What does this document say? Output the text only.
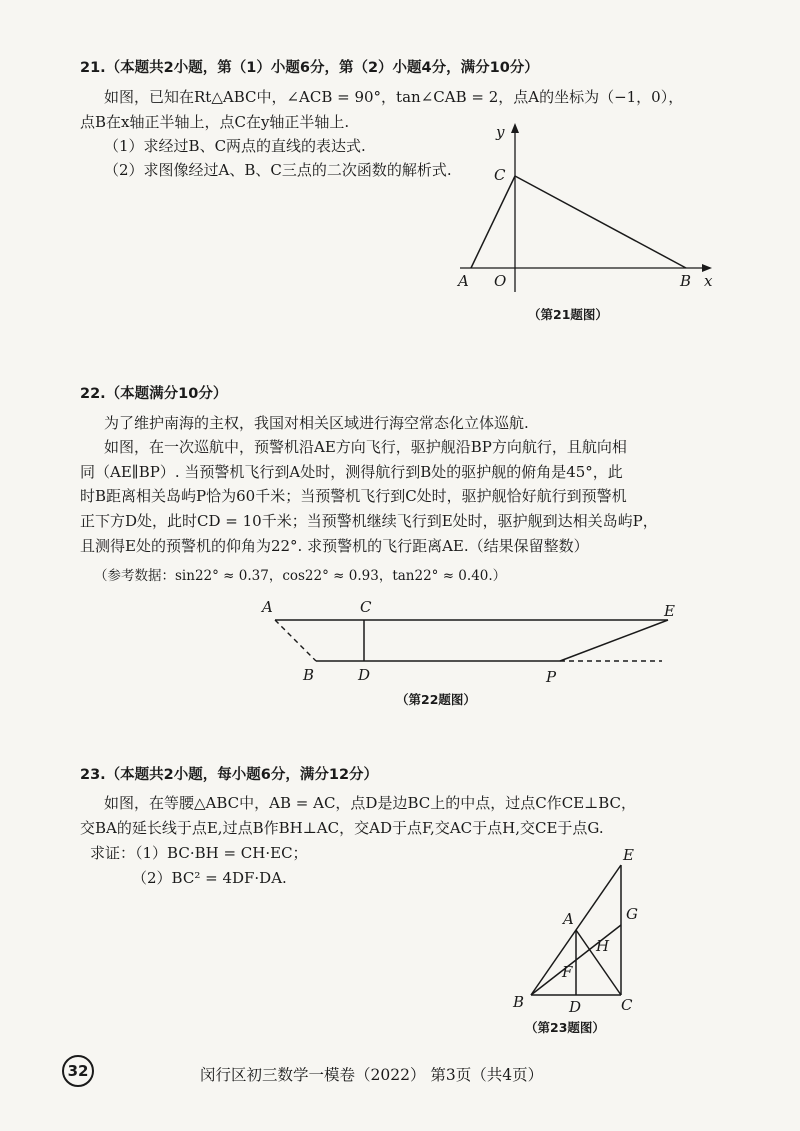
21.（本题共2小题，第（1）小题6分，第（2）小题4分，满分10分）
如图，已知在Rt△ABC中，∠ACB = 90°，tan∠CAB = 2，点A的坐标为（−1，0），
点B在x轴正半轴上，点C在y轴正半轴上.
（1）求经过B、C两点的直线的表达式.
（2）求图像经过A、B、C三点的二次函数的解析式.
y
C
A O	B x
（第21题图）
22.（本题满分10分）
为了维护南海的主权，我国对相关区域进行海空常态化立体巡航.
如图，在一次巡航中，预警机沿AE方向飞行，驱护舰沿BP方向航行，且航向相
同（AE∥BP）. 当预警机飞行到A处时，测得航行到B处的驱护舰的俯角是45°，此
时B距离相关岛屿P恰为60千米；当预警机飞行到C处时，驱护舰恰好航行到预警机
正下方D处，此时CD = 10千米；当预警机继续飞行到E处时，驱护舰到达相关岛屿P，
且测得E处的预警机的仰角为22°. 求预警机的飞行距离AE.（结果保留整数）
（参考数据：sin22° ≈ 0.37，cos22° ≈ 0.93，tan22° ≈ 0.40.）
A	C	E
B	D	P
（第22题图）
23.（本题共2小题，每小题6分，满分12分）
如图，在等腰△ABC中，AB = AC，点D是边BC上的中点，过点C作CE⊥BC，
交BA的延长线于点E,过点B作BH⊥AC，交AD于点F,交AC于点H,交CE于点G.
求证：（1）BC·BH = CH·EC；
（2）BC² = 4DF·DA.
E
A	G
H
F
B	D	C
（第23题图）
32	闵行区初三数学一模卷（2022） 第3页（共4页）
